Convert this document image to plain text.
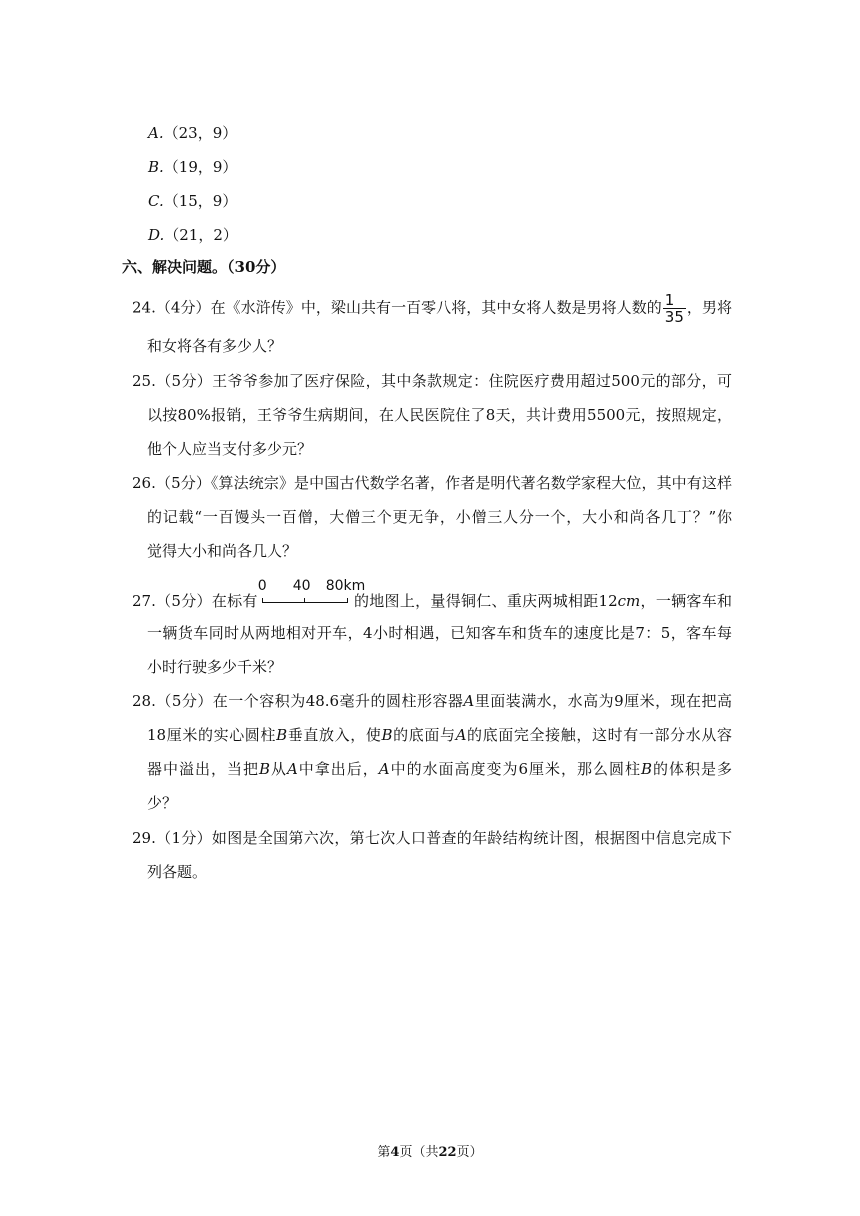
A.（23，9）
B.（19，9）
C.（15，9）
D.（21，2）
六、解决问题。（30分）
24.（4分）在《水浒传》中，梁山共有一百零八将，其中女将人数是男将人数的 $\frac{1}{35}$ ，男将
和女将各有多少人？
25.（5分）王爷爷参加了医疗保险，其中条款规定：住院医疗费用超过500元的部分，可
以按80%报销，王爷爷生病期间，在人民医院住了8天，共计费用5500元，按照规定，
他个人应当支付多少元？
26.（5分）《算法统宗》是中国古代数学名著，作者是明代著名数学家程大位，其中有这样
的记载“一百馒头一百僧，大僧三个更无争，小僧三人分一个，大小和尚各几丁？”你
觉得大小和尚各几人？
27.（5分）在标有
0 40 80km
的地图上，量得铜仁、重庆两城相距12cm，一辆客车和
一辆货车同时从两地相对开车，4小时相遇，已知客车和货车的速度比是7：5，客车每
小时行驶多少千米？
28.（5分）在一个容积为48.6毫升的圆柱形容器A里面装满水，水高为9厘米，现在把高
18厘米的实心圆柱B垂直放入，使B的底面与A的底面完全接触，这时有一部分水从容
器中溢出，当把B从A中拿出后，A中的水面高度变为6厘米，那么圆柱B的体积是多
少？
29.（1分）如图是全国第六次，第七次人口普查的年龄结构统计图，根据图中信息完成下
列各题。
第4页（共22页）
